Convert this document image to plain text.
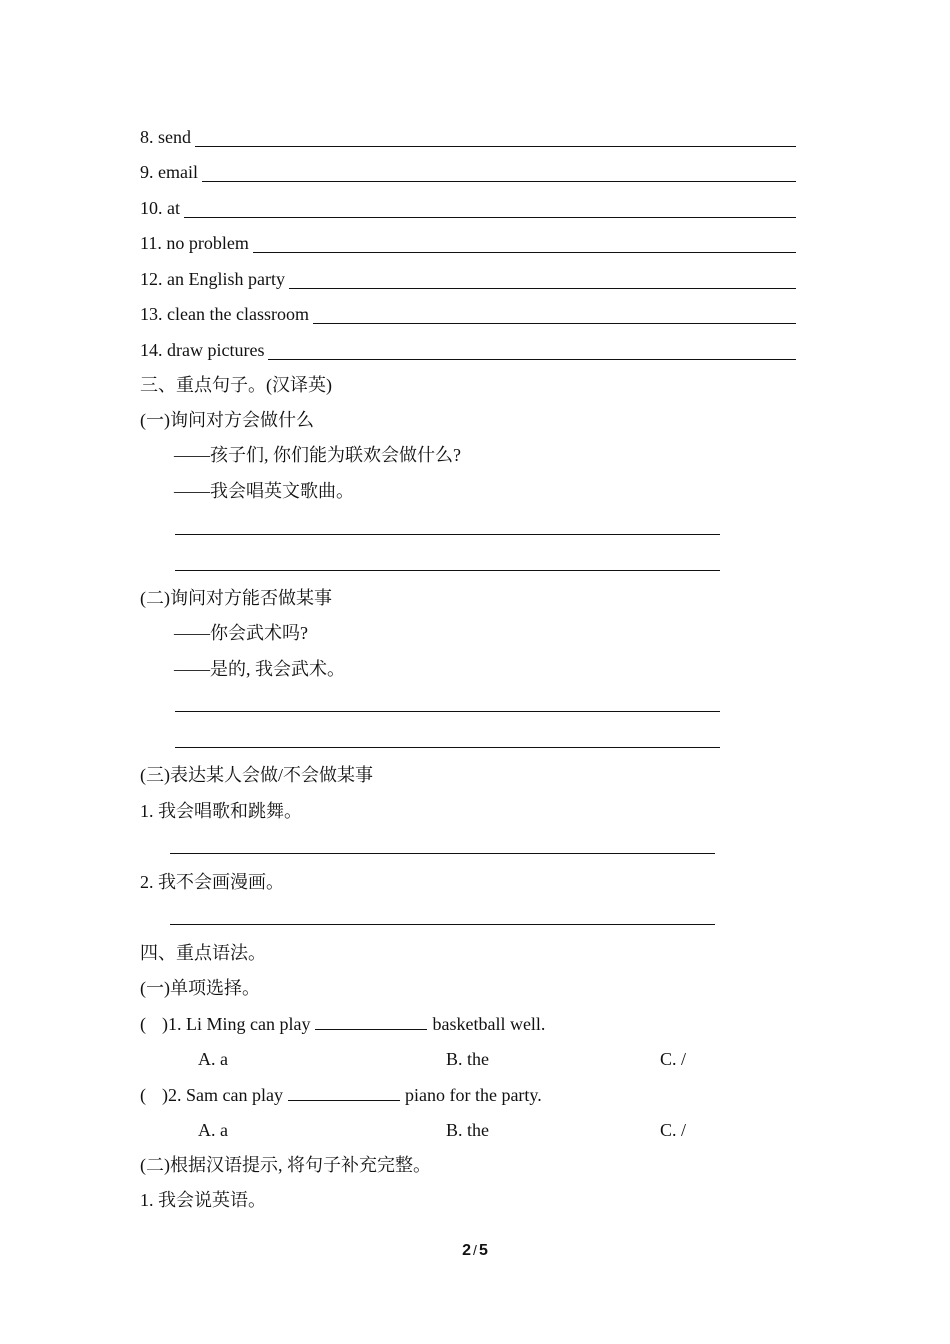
8. send
9. email
10. at
11. no problem
12. an English party
13. clean the classroom
14. draw pictures
三、重点句子。(汉译英)
(一)询问对方会做什么
——孩子们, 你们能为联欢会做什么?
——我会唱英文歌曲。
(二)询问对方能否做某事
——你会武术吗?
——是的, 我会武术。
(三)表达某人会做/不会做某事
1. 我会唱歌和跳舞。
2. 我不会画漫画。
四、重点语法。
(一)单项选择。
( )1. Li Ming can play	basketball well.
A. a	B. the	C. /
( )2. Sam can play	piano for the party.
A. a	B. the	C. /
(二)根据汉语提示, 将句子补充完整。
1. 我会说英语。
2 / 5
